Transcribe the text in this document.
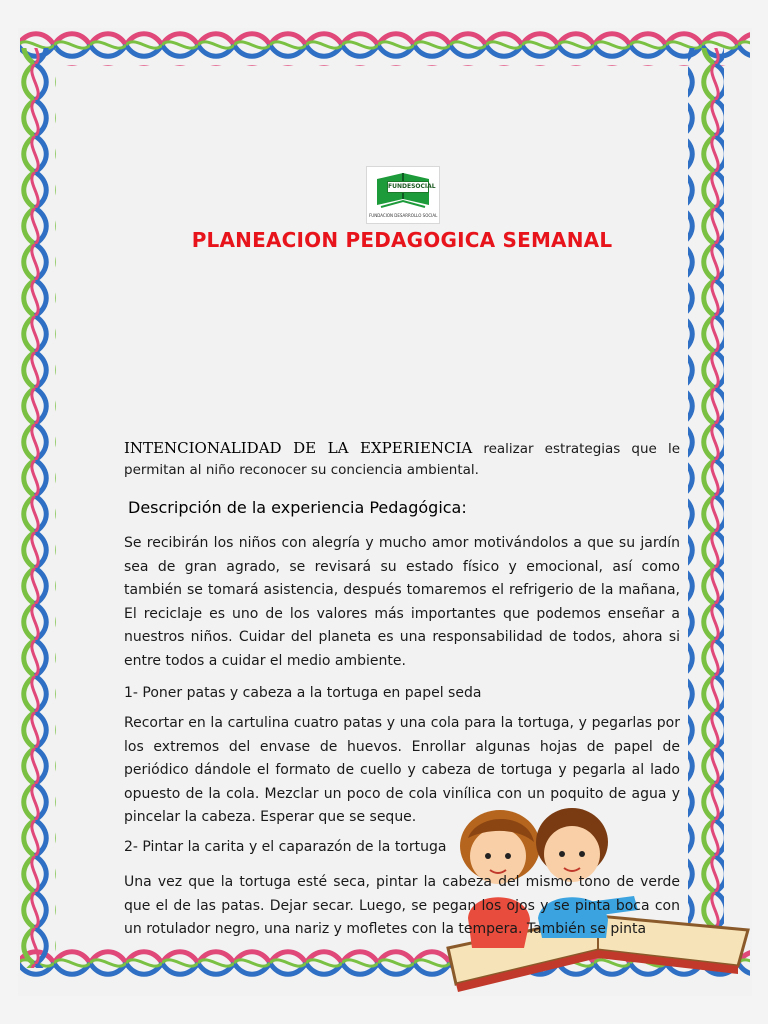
FUNDESOCIAL
FUNDACION DESARROLLO SOCIAL
PLANEACION PEDAGOGICA SEMANAL

INTENCIONALIDAD DE LA EXPERIENCIA realizar estrategias que le permitan al niño reconocer su conciencia ambiental.

Descripción de la experiencia Pedagógica:

Se recibirán los niños con alegría y mucho amor motivándolos a que su jardín sea de gran agrado, se revisará su estado físico y emocional, así como también se tomará asistencia, después tomaremos el refrigerio de la mañana, El reciclaje es uno de los valores más importantes que podemos enseñar a nuestros niños. Cuidar del planeta es una responsabilidad de todos, ahora si entre todos a cuidar el medio ambiente.

1- Poner patas y cabeza a la tortuga en papel seda

Recortar en la cartulina cuatro patas y una cola para la tortuga, y pegarlas por los extremos del envase de huevos. Enrollar algunas hojas de papel de periódico dándole el formato de cuello y cabeza de tortuga y pegarla al lado opuesto de la cola. Mezclar un poco de cola vinílica con un poquito de agua y pincelar la cabeza. Esperar que se seque.

2- Pintar la carita y el caparazón de la tortuga

Una vez que la tortuga esté seca, pintar la cabeza del mismo tono de verde que el de las patas. Dejar secar. Luego, se pegan los ojos y se pinta boca con un rotulador negro, una nariz y mofletes con la tempera. También se pinta
